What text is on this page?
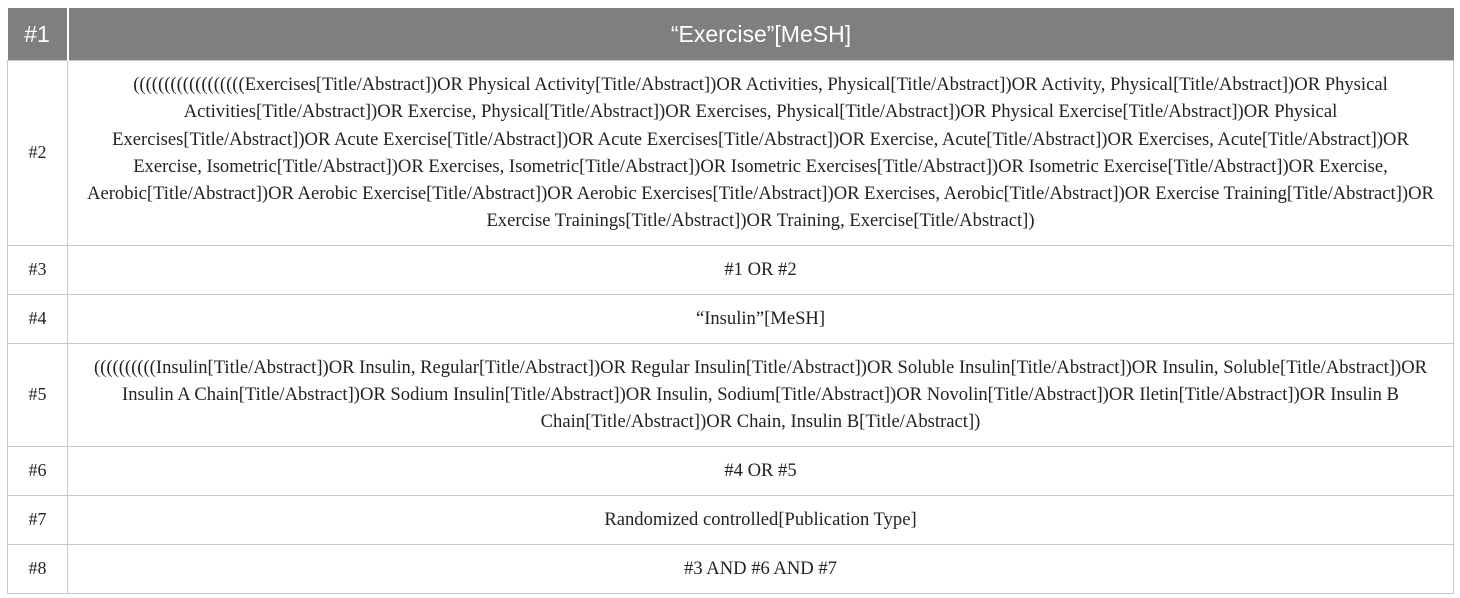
#1	“Exercise”[MeSH]
#2	((((((((((((((((((Exercises[Title/Abstract])OR Physical Activity[Title/Abstract])OR Activities, Physical[Title/Abstract])OR Activity, Physical[Title/Abstract])OR Physical Activities[Title/Abstract])OR Exercise, Physical[Title/Abstract])OR Exercises, Physical[Title/Abstract])OR Physical Exercise[Title/Abstract])OR Physical Exercises[Title/Abstract])OR Acute Exercise[Title/Abstract])OR Acute Exercises[Title/Abstract])OR Exercise, Acute[Title/Abstract])OR Exercises, Acute[Title/Abstract])OR Exercise, Isometric[Title/Abstract])OR Exercises, Isometric[Title/Abstract])OR Isometric Exercises[Title/Abstract])OR Isometric Exercise[Title/Abstract])OR Exercise, Aerobic[Title/Abstract])OR Aerobic Exercise[Title/Abstract])OR Aerobic Exercises[Title/Abstract])OR Exercises, Aerobic[Title/Abstract])OR Exercise Training[Title/Abstract])OR Exercise Trainings[Title/Abstract])OR Training, Exercise[Title/Abstract])
#3	#1 OR #2
#4	“Insulin”[MeSH]
#5	((((((((((Insulin[Title/Abstract])OR Insulin, Regular[Title/Abstract])OR Regular Insulin[Title/Abstract])OR Soluble Insulin[Title/Abstract])OR Insulin, Soluble[Title/Abstract])OR Insulin A Chain[Title/Abstract])OR Sodium Insulin[Title/Abstract])OR Insulin, Sodium[Title/Abstract])OR Novolin[Title/Abstract])OR Iletin[Title/Abstract])OR Insulin B Chain[Title/Abstract])OR Chain, Insulin B[Title/Abstract])
#6	#4 OR #5
#7	Randomized controlled[Publication Type]
#8	#3 AND #6 AND #7
